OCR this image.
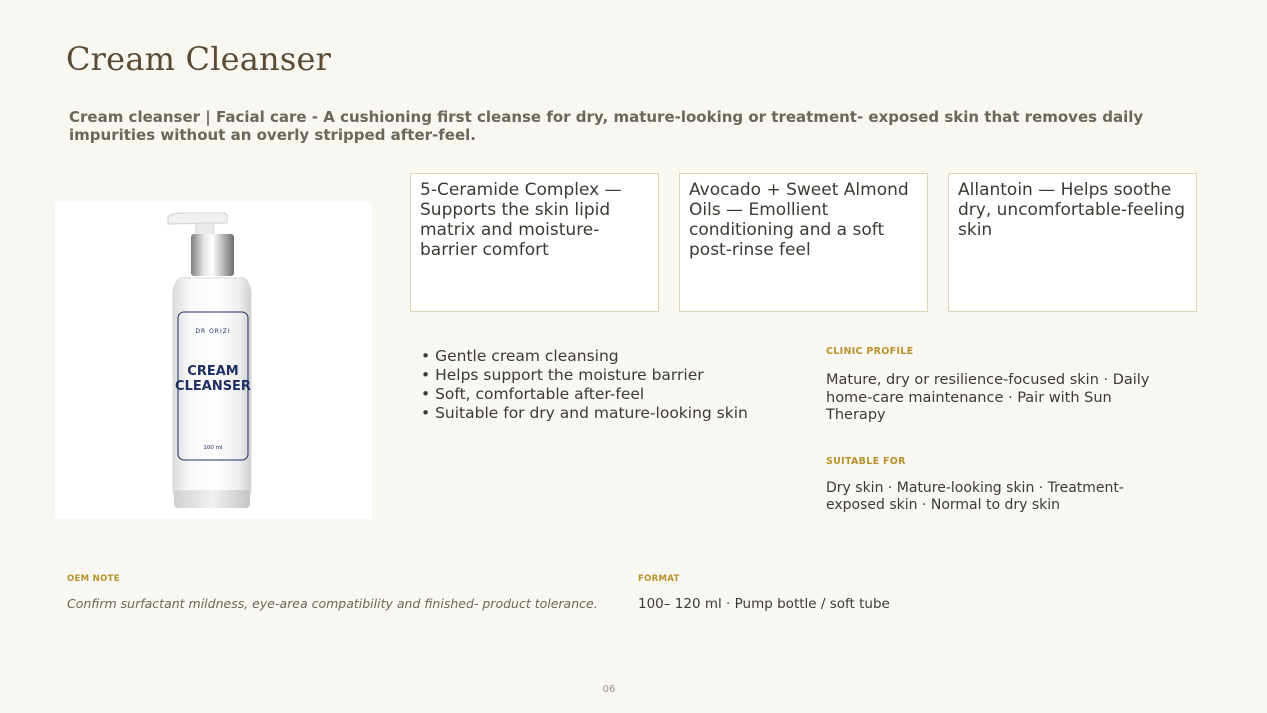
Cream Cleanser

Cream cleanser | Facial care - A cushioning first cleanse for dry, mature-looking or treatment- exposed skin that removes daily impurities without an overly stripped after-feel.

DR ORIZI
CREAM
CLEANSER
100 ml
5-Ceramide Complex — Supports the skin lipid matrix and moisture-barrier comfort
Avocado + Sweet Almond Oils — Emollient conditioning and a soft post-rinse feel
Allantoin — Helps soothe dry, uncomfortable-feeling skin
• Gentle cream cleansing
• Helps support the moisture barrier
• Soft, comfortable after-feel
• Suitable for dry and mature-looking skin
CLINIC PROFILE
Mature, dry or resilience-focused skin · Daily home-care maintenance · Pair with Sun Therapy
SUITABLE FOR
Dry skin · Mature-looking skin · Treatment-exposed skin · Normal to dry skin
OEM NOTE
Confirm surfactant mildness, eye-area compatibility and finished- product tolerance.
FORMAT
100– 120 ml · Pump bottle / soft tube
06
